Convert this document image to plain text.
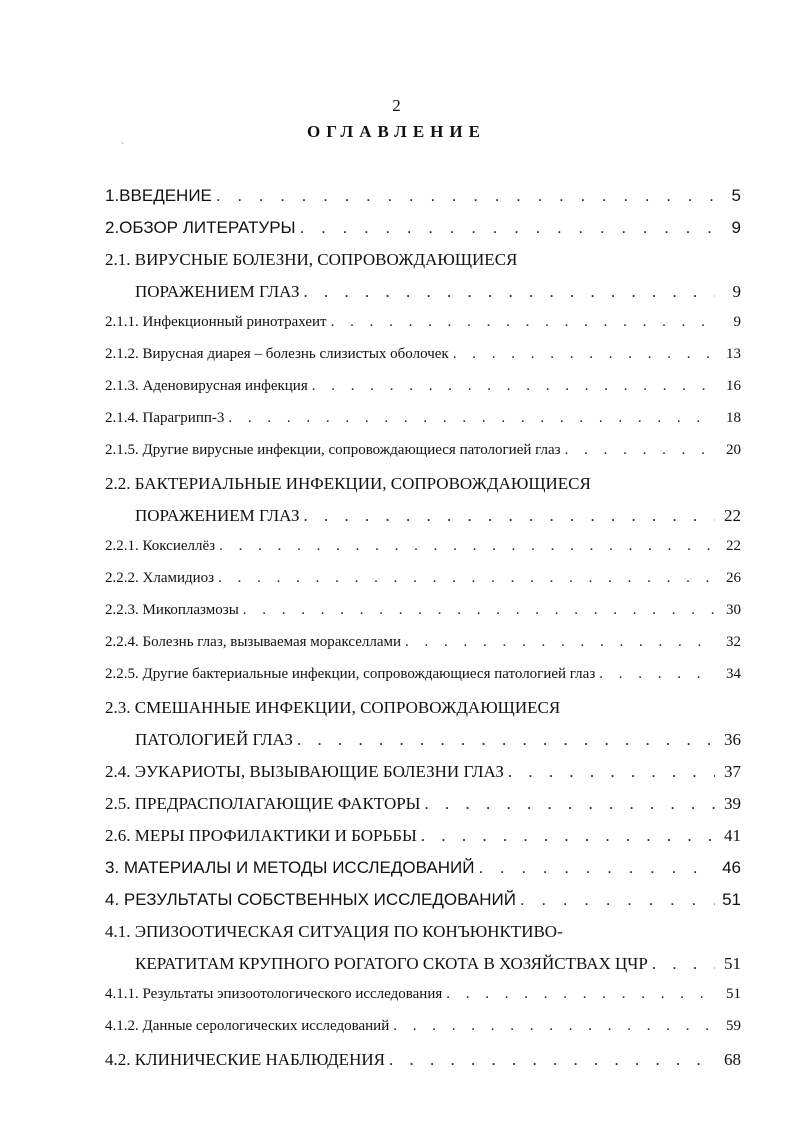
2
ОГЛАВЛЕНИЕ
`
1.ВВЕДЕНИЕ . . .	5
2.ОБЗОР ЛИТЕРАТУРЫ . . .	9
2.1. ВИРУСНЫЕ БОЛЕЗНИ, СОПРОВОЖДАЮЩИЕСЯ
ПОРАЖЕНИЕМ ГЛАЗ . . .	9
2.1.1. Инфекционный ринотрахеит . . .	9
2.1.2. Вирусная диарея – болезнь слизистых оболочек . . .	13
2.1.3. Аденовирусная инфекция . . .	16
2.1.4. Парагрипп-3 . . .	18
2.1.5. Другие вирусные инфекции, сопровождающиеся патологией глаз . . .	20
2.2. БАКТЕРИАЛЬНЫЕ ИНФЕКЦИИ, СОПРОВОЖДАЮЩИЕСЯ
ПОРАЖЕНИЕМ ГЛАЗ . . .	22
2.2.1. Коксиеллёз . . .	22
2.2.2. Хламидиоз . . .	26
2.2.3. Микоплазмозы . . .	30
2.2.4. Болезнь глаз, вызываемая моракселлами . . .	32
2.2.5. Другие бактериальные инфекции, сопровождающиеся патологией глаз . . .	34
2.3. СМЕШАННЫЕ ИНФЕКЦИИ, СОПРОВОЖДАЮЩИЕСЯ
ПАТОЛОГИЕЙ ГЛАЗ . . .	36
2.4. ЭУКАРИОТЫ, ВЫЗЫВАЮЩИЕ БОЛЕЗНИ ГЛАЗ . . .	37
2.5. ПРЕДРАСПОЛАГАЮЩИЕ ФАКТОРЫ . . .	39
2.6. МЕРЫ ПРОФИЛАКТИКИ И БОРЬБЫ . . .	41
3. МАТЕРИАЛЫ И МЕТОДЫ ИССЛЕДОВАНИЙ . . .	46
4. РЕЗУЛЬТАТЫ СОБСТВЕННЫХ ИССЛЕДОВАНИЙ . . .	51
4.1. ЭПИЗООТИЧЕСКАЯ СИТУАЦИЯ ПО КОНЪЮНКТИВО-
КЕРАТИТАМ КРУПНОГО РОГАТОГО СКОТА В ХОЗЯЙСТВАХ ЦЧР . . .	51
4.1.1. Результаты эпизоотологического исследования . . .	51
4.1.2. Данные серологических исследований . . .	59
4.2. КЛИНИЧЕСКИЕ НАБЛЮДЕНИЯ . . .	68
